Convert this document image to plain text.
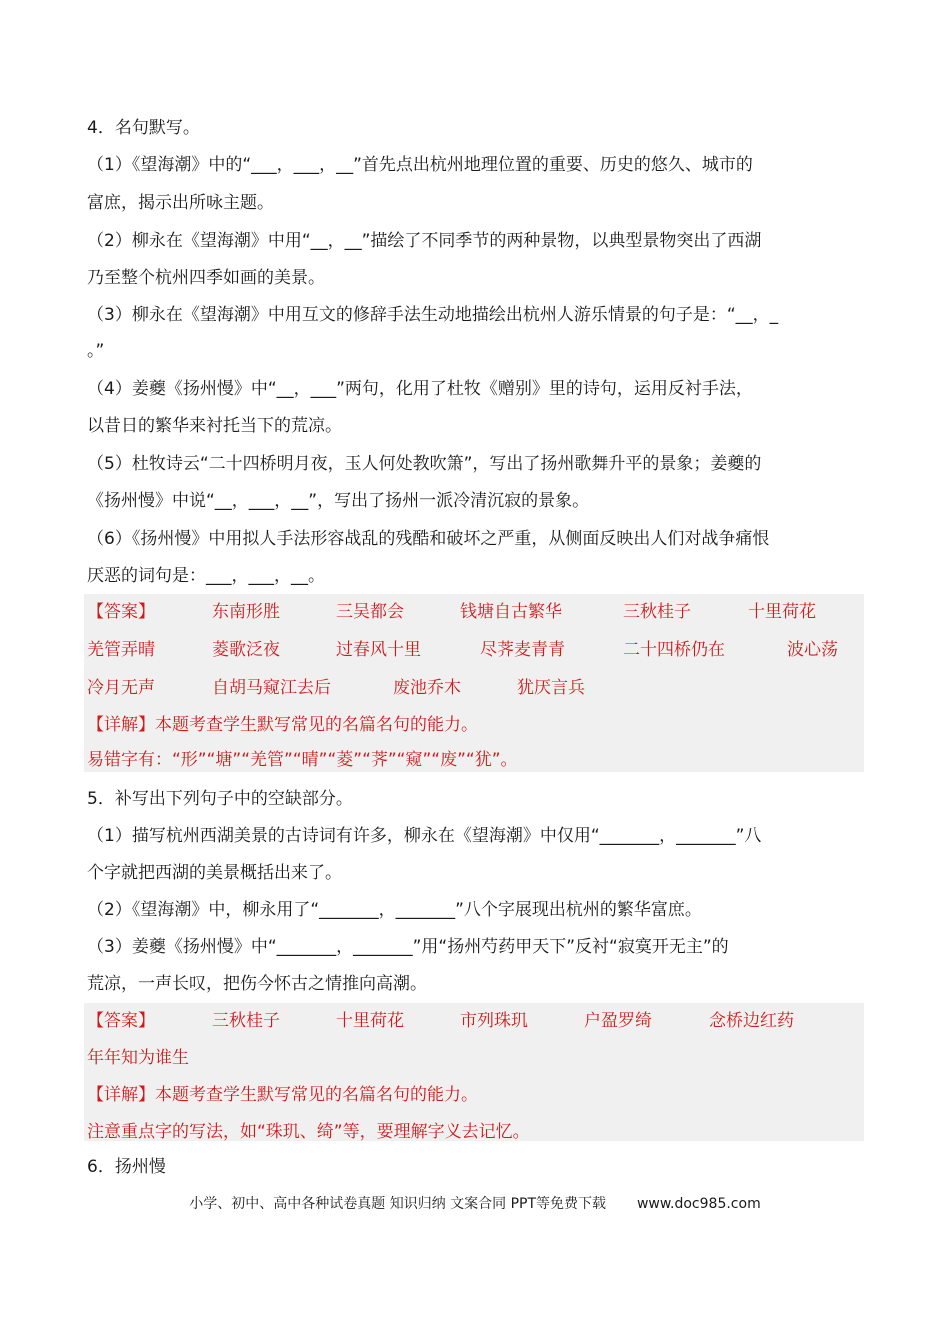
4．名句默写。
（1）《望海潮》中的“___，___，__”首先点出杭州地理位置的重要、历史的悠久、城市的
富庶，揭示出所咏主题。
（2）柳永在《望海潮》中用“__，__”描绘了不同季节的两种景物，以典型景物突出了西湖
乃至整个杭州四季如画的美景。
（3）柳永在《望海潮》中用互文的修辞手法生动地描绘出杭州人游乐情景的句子是：“__，_
。”
（4）姜夔《扬州慢》中“__，___”两句，化用了杜牧《赠别》里的诗句，运用反衬手法，
以昔日的繁华来衬托当下的荒凉。
（5）杜牧诗云“二十四桥明月夜，玉人何处教吹箫”，写出了扬州歌舞升平的景象；姜夔的
《扬州慢》中说“__，___，__”，写出了扬州一派冷清沉寂的景象。
（6）《扬州慢》中用拟人手法形容战乱的残酷和破坏之严重，从侧面反映出人们对战争痛恨
厌恶的词句是：___，___，__。
【答案】	东南形胜	三吴都会	钱塘自古繁华	三秋桂子	十里荷花
羌管弄晴	菱歌泛夜	过春风十里	尽荠麦青青	二十四桥仍在	波心荡
冷月无声	自胡马窥江去后	废池乔木	犹厌言兵
【详解】本题考查学生默写常见的名篇名句的能力。
易错字有：“形”“塘”“羌管”“晴”“菱”“荠”“窥”“废”“犹”。
5．补写出下列句子中的空缺部分。
（1）描写杭州西湖美景的古诗词有许多，柳永在《望海潮》中仅用“_______，_______”八
个字就把西湖的美景概括出来了。
（2）《望海潮》中，柳永用了“_______，_______”八个字展现出杭州的繁华富庶。
（3）姜夔《扬州慢》中“_______，_______”用“扬州芍药甲天下”反衬“寂寞开无主”的
荒凉，一声长叹，把伤今怀古之情推向高潮。
【答案】	三秋桂子	十里荷花	市列珠玑	户盈罗绮	念桥边红药
年年知为谁生
【详解】本题考查学生默写常见的名篇名句的能力。
注意重点字的写法，如“珠玑、绮”等，要理解字义去记忆。
6．扬州慢
小学、初中、高中各种试卷真题 知识归纳 文案合同 PPT等免费下载 www.doc985.com
